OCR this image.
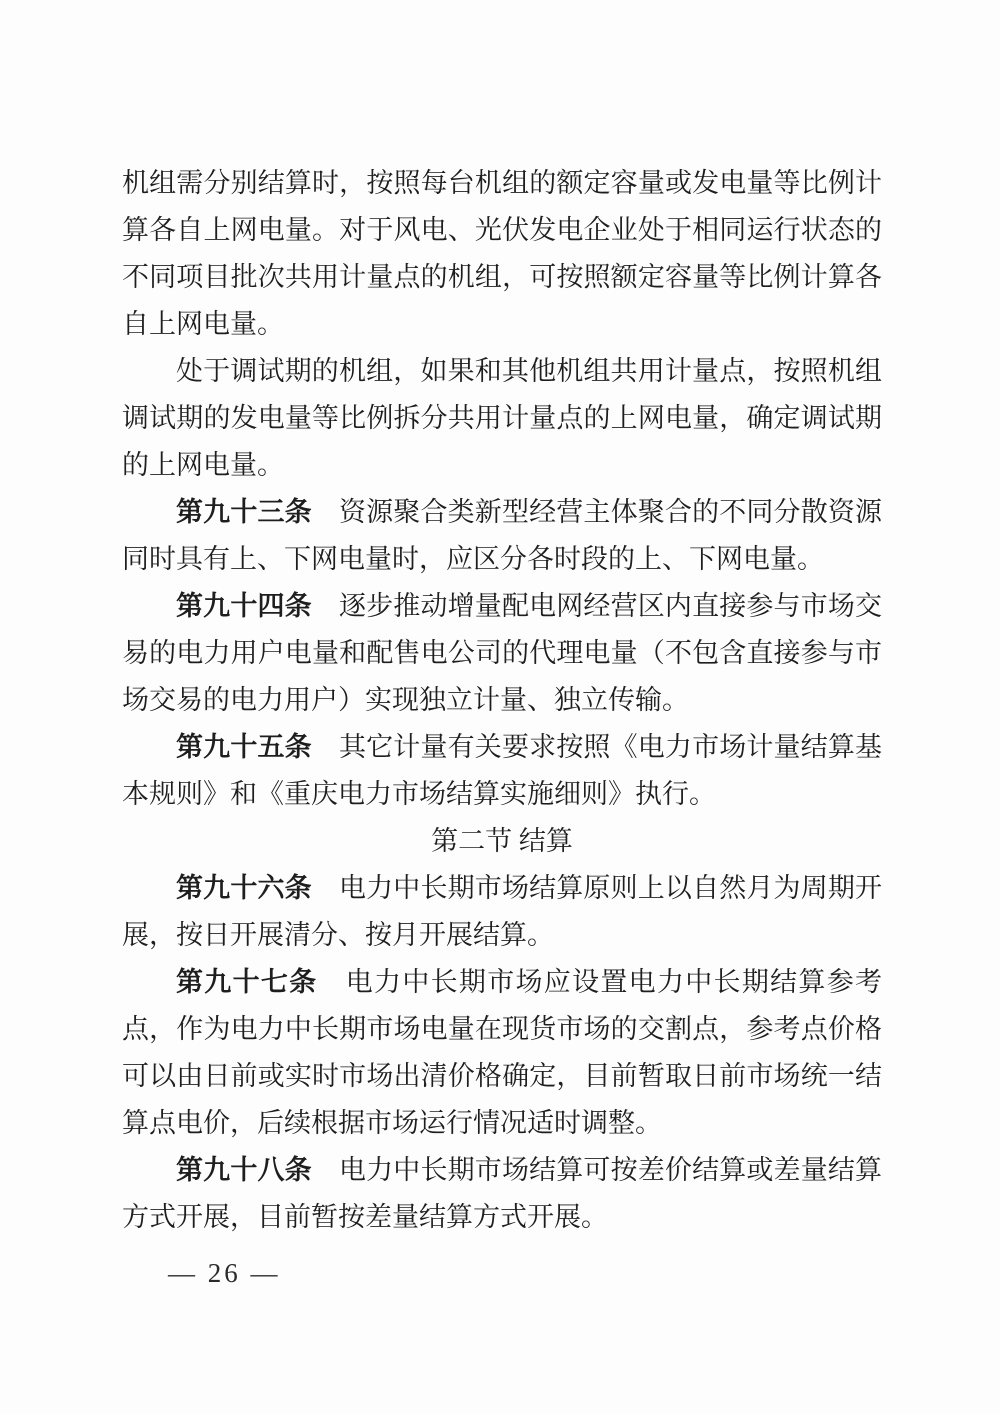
机组需分别结算时，按照每台机组的额定容量或发电量等比例计算各自上网电量。对于风电、光伏发电企业处于相同运行状态的不同项目批次共用计量点的机组，可按照额定容量等比例计算各自上网电量。

处于调试期的机组，如果和其他机组共用计量点，按照机组调试期的发电量等比例拆分共用计量点的上网电量，确定调试期的上网电量。

第九十三条　 资源聚合类新型经营主体聚合的不同分散资源同时具有上、下网电量时，应区分各时段的上、下网电量。

第九十四条　 逐步推动增量配电网经营区内直接参与市场交易的电力用户电量和配售电公司的代理电量（不包含直接参与市场交易的电力用户）实现独立计量、独立传输。

第九十五条　 其它计量有关要求按照《电力市场计量结算基本规则》和《重庆电力市场结算实施细则》执行。

第二节 结算

第九十六条　 电力中长期市场结算原则上以自然月为周期开展，按日开展清分、按月开展结算。

第九十七条　 电力中长期市场应设置电力中长期结算参考点，作为电力中长期市场电量在现货市场的交割点，参考点价格可以由日前或实时市场出清价格确定，目前暂取日前市场统一结算点电价，后续根据市场运行情况适时调整。

第九十八条　 电力中长期市场结算可按差价结算或差量结算方式开展，目前暂按差量结算方式开展。

— 26 —
